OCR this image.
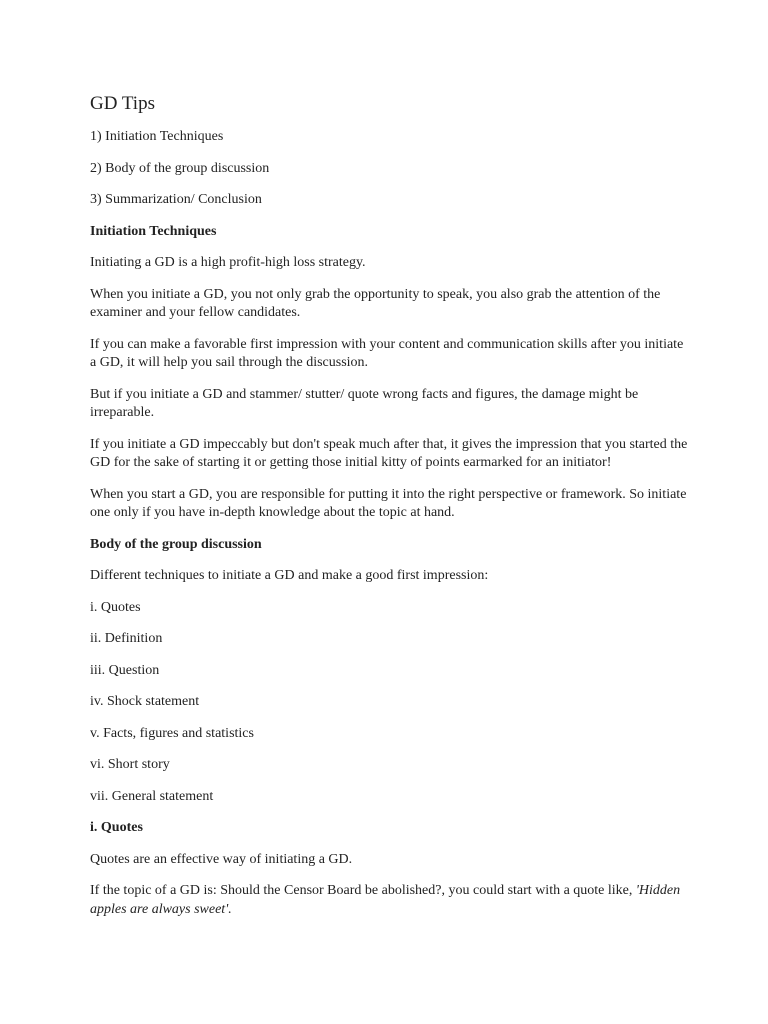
GD Tips
1) Initiation Techniques
2) Body of the group discussion
3) Summarization/ Conclusion
Initiation Techniques
Initiating a GD is a high profit-high loss strategy.
When you initiate a GD, you not only grab the opportunity to speak, you also grab the attention of the examiner and your fellow candidates.
If you can make a favorable first impression with your content and communication skills after you initiate a GD, it will help you sail through the discussion.
But if you initiate a GD and stammer/ stutter/ quote wrong facts and figures, the damage might be irreparable.
If you initiate a GD impeccably but don't speak much after that, it gives the impression that you started the GD for the sake of starting it or getting those initial kitty of points earmarked for an initiator!
When you start a GD, you are responsible for putting it into the right perspective or framework. So initiate one only if you have in-depth knowledge about the topic at hand.
Body of the group discussion
Different techniques to initiate a GD and make a good first impression:
i. Quotes
ii. Definition
iii. Question
iv. Shock statement
v. Facts, figures and statistics
vi. Short story
vii. General statement
i. Quotes
Quotes are an effective way of initiating a GD.
If the topic of a GD is: Should the Censor Board be abolished?, you could start with a quote like, 'Hidden apples are always sweet'.
